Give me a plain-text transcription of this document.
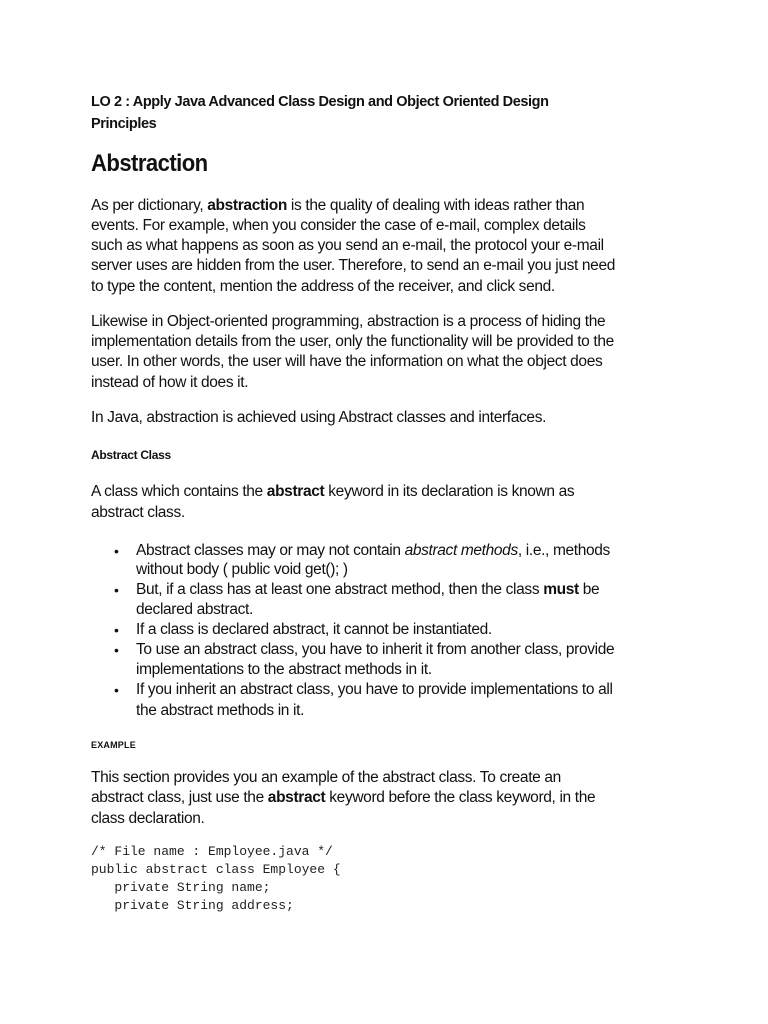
LO 2 : Apply Java Advanced Class Design and Object Oriented Design
Principles
Abstraction
As per dictionary, abstraction is the quality of dealing with ideas rather than
events. For example, when you consider the case of e-mail, complex details
such as what happens as soon as you send an e-mail, the protocol your e-mail
server uses are hidden from the user. Therefore, to send an e-mail you just need
to type the content, mention the address of the receiver, and click send.
Likewise in Object-oriented programming, abstraction is a process of hiding the
implementation details from the user, only the functionality will be provided to the
user. In other words, the user will have the information on what the object does
instead of how it does it.
In Java, abstraction is achieved using Abstract classes and interfaces.
Abstract Class
A class which contains the abstract keyword in its declaration is known as
abstract class.
• Abstract classes may or may not contain abstract methods, i.e., methods
without body ( public void get(); )
• But, if a class has at least one abstract method, then the class must be
declared abstract.
• If a class is declared abstract, it cannot be instantiated.
• To use an abstract class, you have to inherit it from another class, provide
implementations to the abstract methods in it.
• If you inherit an abstract class, you have to provide implementations to all
the abstract methods in it.
EXAMPLE
This section provides you an example of the abstract class. To create an
abstract class, just use the abstract keyword before the class keyword, in the
class declaration.
/* File name : Employee.java */
public abstract class Employee {
private String name;
private String address;
